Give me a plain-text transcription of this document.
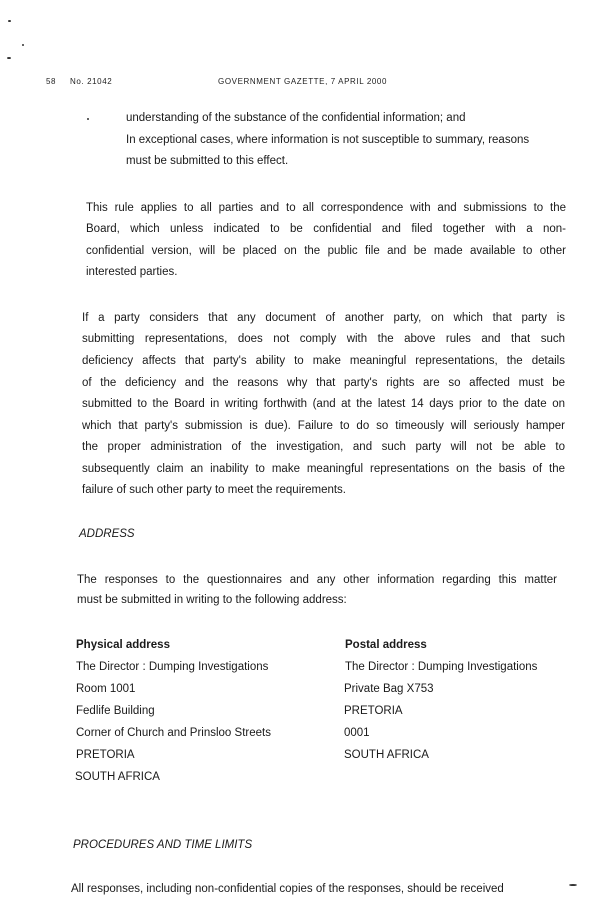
58 No. 21042	GOVERNMENT GAZETTE, 7 APRIL 2000
understanding of the substance of the confidential information; and
In exceptional cases, where information is not susceptible to summary, reasons
must be submitted to this effect.
This rule applies to all parties and to all correspondence with and submissions to the
Board, which unless indicated to be confidential and filed together with a non-
confidential version, will be placed on the public file and be made available to other
interested parties.
If a party considers that any document of another party, on which that party is
submitting representations, does not comply with the above rules and that such
deficiency affects that party's ability to make meaningful representations, the details
of the deficiency and the reasons why that party's rights are so affected must be
submitted to the Board in writing forthwith (and at the latest 14 days prior to the date on
which that party's submission is due). Failure to do so timeously will seriously hamper
the proper administration of the investigation, and such party will not be able to
subsequently claim an inability to make meaningful representations on the basis of the
failure of such other party to meet the requirements.
ADDRESS
The responses to the questionnaires and any other information regarding this matter
must be submitted in writing to the following address:
Physical address
The Director : Dumping Investigations
Room 1001
Fedlife Building
Corner of Church and Prinsloo Streets
PRETORIA
SOUTH AFRICA
Postal address
The Director : Dumping Investigations
Private Bag X753
PRETORIA
0001
SOUTH AFRICA
PROCEDURES AND TIME LIMITS
All responses, including non-confidential copies of the responses, should be received
